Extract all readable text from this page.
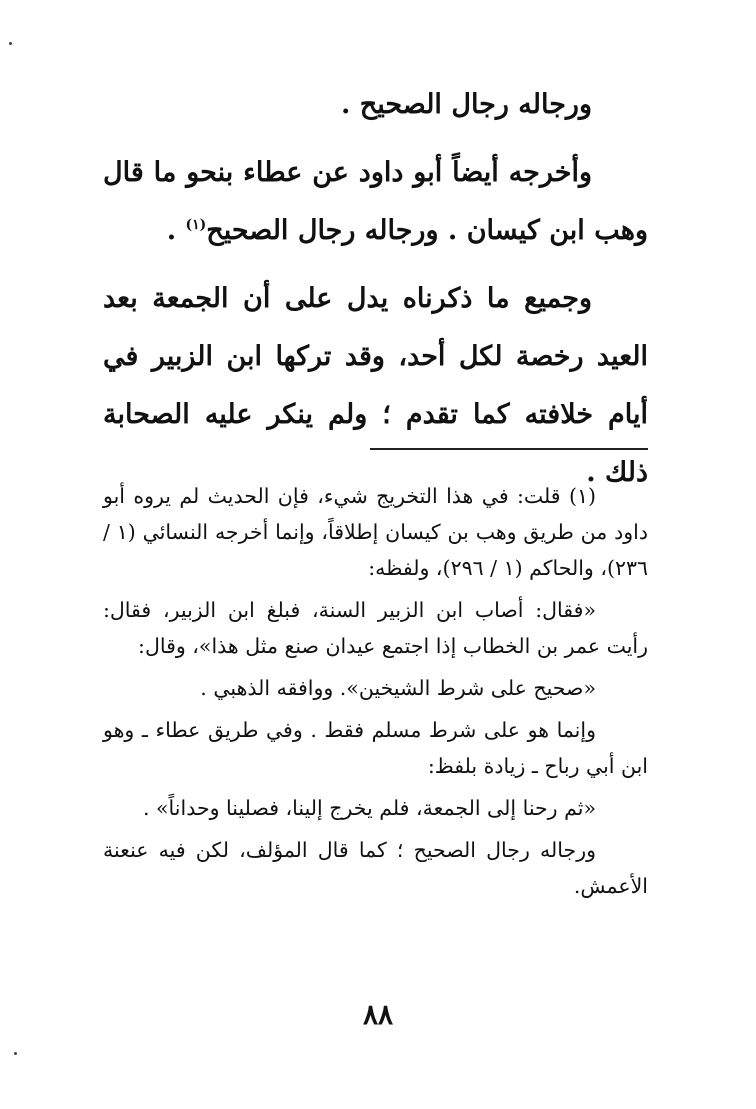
ورجاله رجال الصحيح .

وأخرجه أيضاً أبو داود عن عطاء بنحو ما قال وهب ابن كيسان . ورجاله رجال الصحيح$^{(١)}$ .

وجميع ما ذكرناه يدل على أن الجمعة بعد العيد رخصة لكل أحد، وقد تركها ابن الزبير في أيام خلافته كما تقدم ؛ ولم ينكر عليه الصحابة ذلك .

(١) قلت: في هذا التخريج شيء، فإن الحديث لم يروه أبو داود من طريق وهب بن كيسان إطلاقاً، وإنما أخرجه النسائي (١ / ٢٣٦)، والحاكم (١ / ٢٩٦)، ولفظه:

«فقال: أصاب ابن الزبير السنة، فبلغ ابن الزبير، فقال: رأيت عمر بن الخطاب إذا اجتمع عيدان صنع مثل هذا»، وقال:

«صحيح على شرط الشيخين». ووافقه الذهبي .

وإنما هو على شرط مسلم فقط . وفي طريق عطاء ـ وهو ابن أبي رباح ـ زيادة بلفظ:

«ثم رحنا إلى الجمعة، فلم يخرج إلينا، فصلينا وحداناً» .

ورجاله رجال الصحيح ؛ كما قال المؤلف، لكن فيه عنعنة الأعمش.

٨٨
